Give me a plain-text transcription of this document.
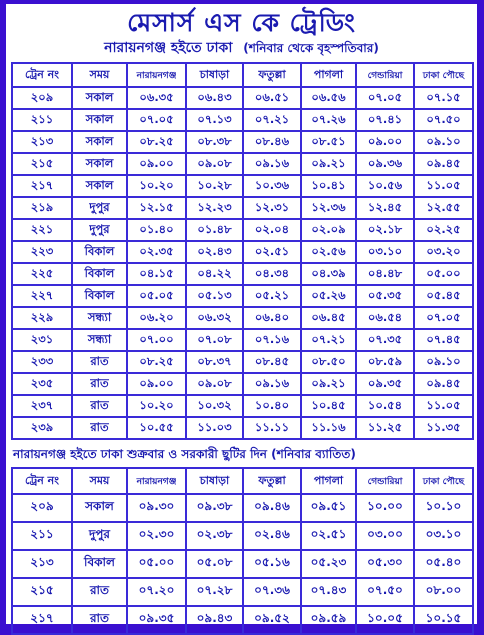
মেসার্স এস কে ট্রেডিং
নারায়নগঞ্জ হইতে ঢাকা (শনিবার থেকে বৃহস্পতিবার)
ট্রেন নং	সময়	নারায়নগঞ্জ	চাষাড়া	ফতুল্লা	পাগলা	গেন্ডারিয়া	ঢাকা পৌছে
২০৯	সকাল	০৬.৩৫	০৬.৪৩	০৬.৫১	০৬.৫৬	০৭.০৫	০৭.১৫
২১১	সকাল	০৭.০৫	০৭.১৩	০৭.২১	০৭.২৬	০৭.৪১	০৭.৫০
২১৩	সকাল	০৮.২৫	০৮.৩৮	০৮.৪৬	০৮.৫১	০৯.০০	০৯.১০
২১৫	সকাল	০৯.০০	০৯.০৮	০৯.১৬	০৯.২১	০৯.৩৬	০৯.৪৫
২১৭	সকাল	১০.২০	১০.২৮	১০.৩৬	১০.৪১	১০.৫৬	১১.০৫
২১৯	দুপুর	১২.১৫	১২.২৩	১২.৩১	১২.৩৬	১২.৪৫	১২.৫৫
২২১	দুপুর	০১.৪০	০১.৪৮	০২.০৪	০২.০৯	০২.১৮	০২.২৫
২২৩	বিকাল	০২.৩৫	০২.৪৩	০২.৫১	০২.৫৬	০৩.১০	০৩.২০
২২৫	বিকাল	০৪.১৫	০৪.২২	০৪.৩৪	০৪.৩৯	০৪.৪৮	০৫.০০
২২৭	বিকাল	০৫.০৫	০৫.১৩	০৫.২১	০৫.২৬	০৫.৩৫	০৫.৪৫
২২৯	সন্ধ্যা	০৬.২০	০৬.৩২	০৬.৪০	০৬.৪৫	০৬.৫৪	০৭.০৫
২৩১	সন্ধ্যা	০৭.০০	০৭.০৮	০৭.১৬	০৭.২১	০৭.৩৫	০৭.৪৫
২৩৩	রাত	০৮.২৫	০৮.৩৭	০৮.৪৫	০৮.৫০	০৮.৫৯	০৯.১০
২৩৫	রাত	০৯.০০	০৯.০৮	০৯.১৬	০৯.২১	০৯.৩৫	০৯.৪৫
২৩৭	রাত	১০.২০	১০.৩২	১০.৪০	১০.৪৫	১০.৫৪	১১.০৫
২৩৯	রাত	১০.৫৫	১১.০৩	১১.১১	১১.১৬	১১.২৫	১১.৩৫
নারায়নগঞ্জ হইতে ঢাকা শুক্রবার ও সরকারী ছুটির দিন (শনিবার ব্যাতিত)
ট্রেন নং	সময়	নারায়নগঞ্জ	চাষাড়া	ফতুল্লা	পাগলা	গেন্ডারিয়া	ঢাকা পৌছে
২০৯	সকাল	০৯.৩০	০৯.৩৮	০৯.৪৬	০৯.৫১	১০.০০	১০.১০
২১১	দুপুর	০২.৩০	০২.৩৮	০২.৪৬	০২.৫১	০৩.০০	০৩.১০
২১৩	বিকাল	০৫.০০	০৫.০৮	০৫.১৬	০৫.২৩	০৫.৩০	০৫.৪০
২১৫	রাত	০৭.২০	০৭.২৮	০৭.৩৬	০৭.৪৩	০৭.৫০	০৮.০০
২১৭	রাত	০৯.৩৫	০৯.৪৩	০৯.৫২	০৯.৫৯	১০.০৫	১০.১৫
